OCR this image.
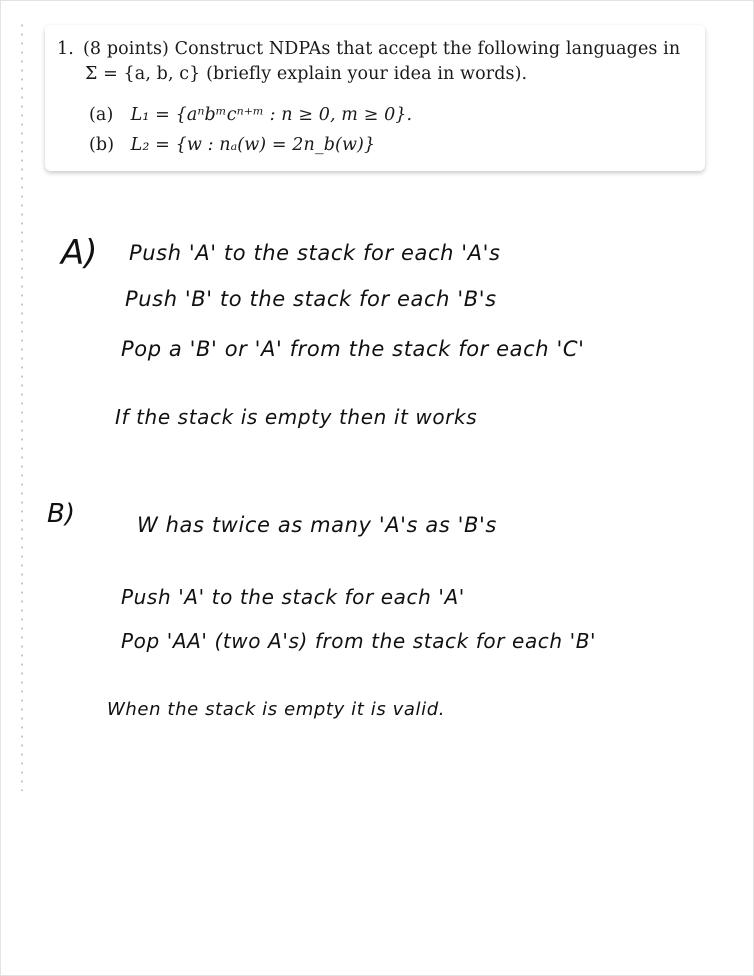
1. (8 points) Construct NDPAs that accept the following languages in
Σ = {a, b, c} (briefly explain your idea in words).
(a) L₁ = {aⁿbᵐcⁿ⁺ᵐ : n ≥ 0, m ≥ 0}.
(b) L₂ = {w : nₐ(w) = 2n_b(w)}
A) Push 'A' to the stack for each 'A's
Push 'B' to the stack for each 'B's
Pop a 'B' or 'A' from the stack for each 'C'
If the stack is empty then it works
B)	W has twice as many 'A's as 'B's
Push 'A' to the stack for each 'A'
Pop 'AA' (two A's) from the stack for each 'B'
When the stack is empty it is valid.
